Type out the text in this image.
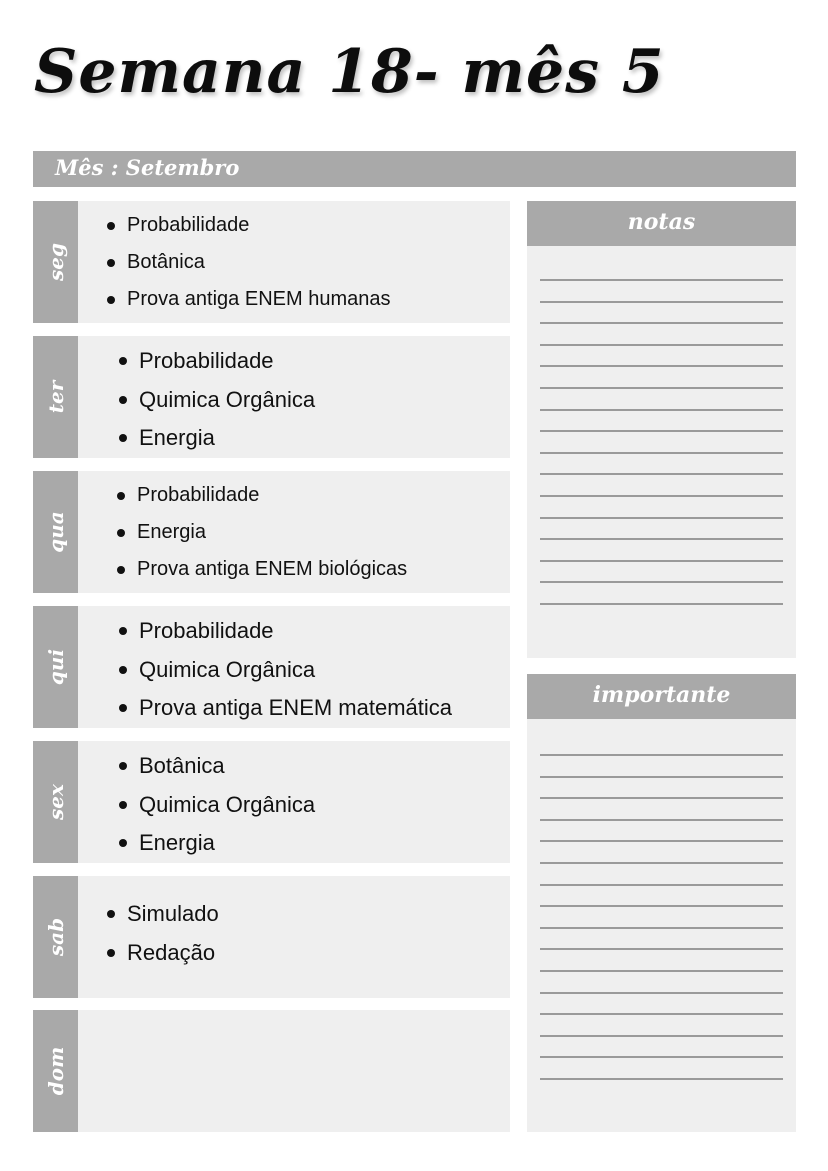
Semana 18- mês 5
Mês : Setembro
seg
Probabilidade
Botânica
Prova antiga ENEM humanas
ter
Probabilidade
Quimica Orgânica
Energia
qua
Probabilidade
Energia
Prova antiga ENEM biológicas
qui
Probabilidade
Quimica Orgânica
Prova antiga ENEM matemática
sex
Botânica
Quimica Orgânica
Energia
sab
Simulado
Redação
dom
notas
importante
